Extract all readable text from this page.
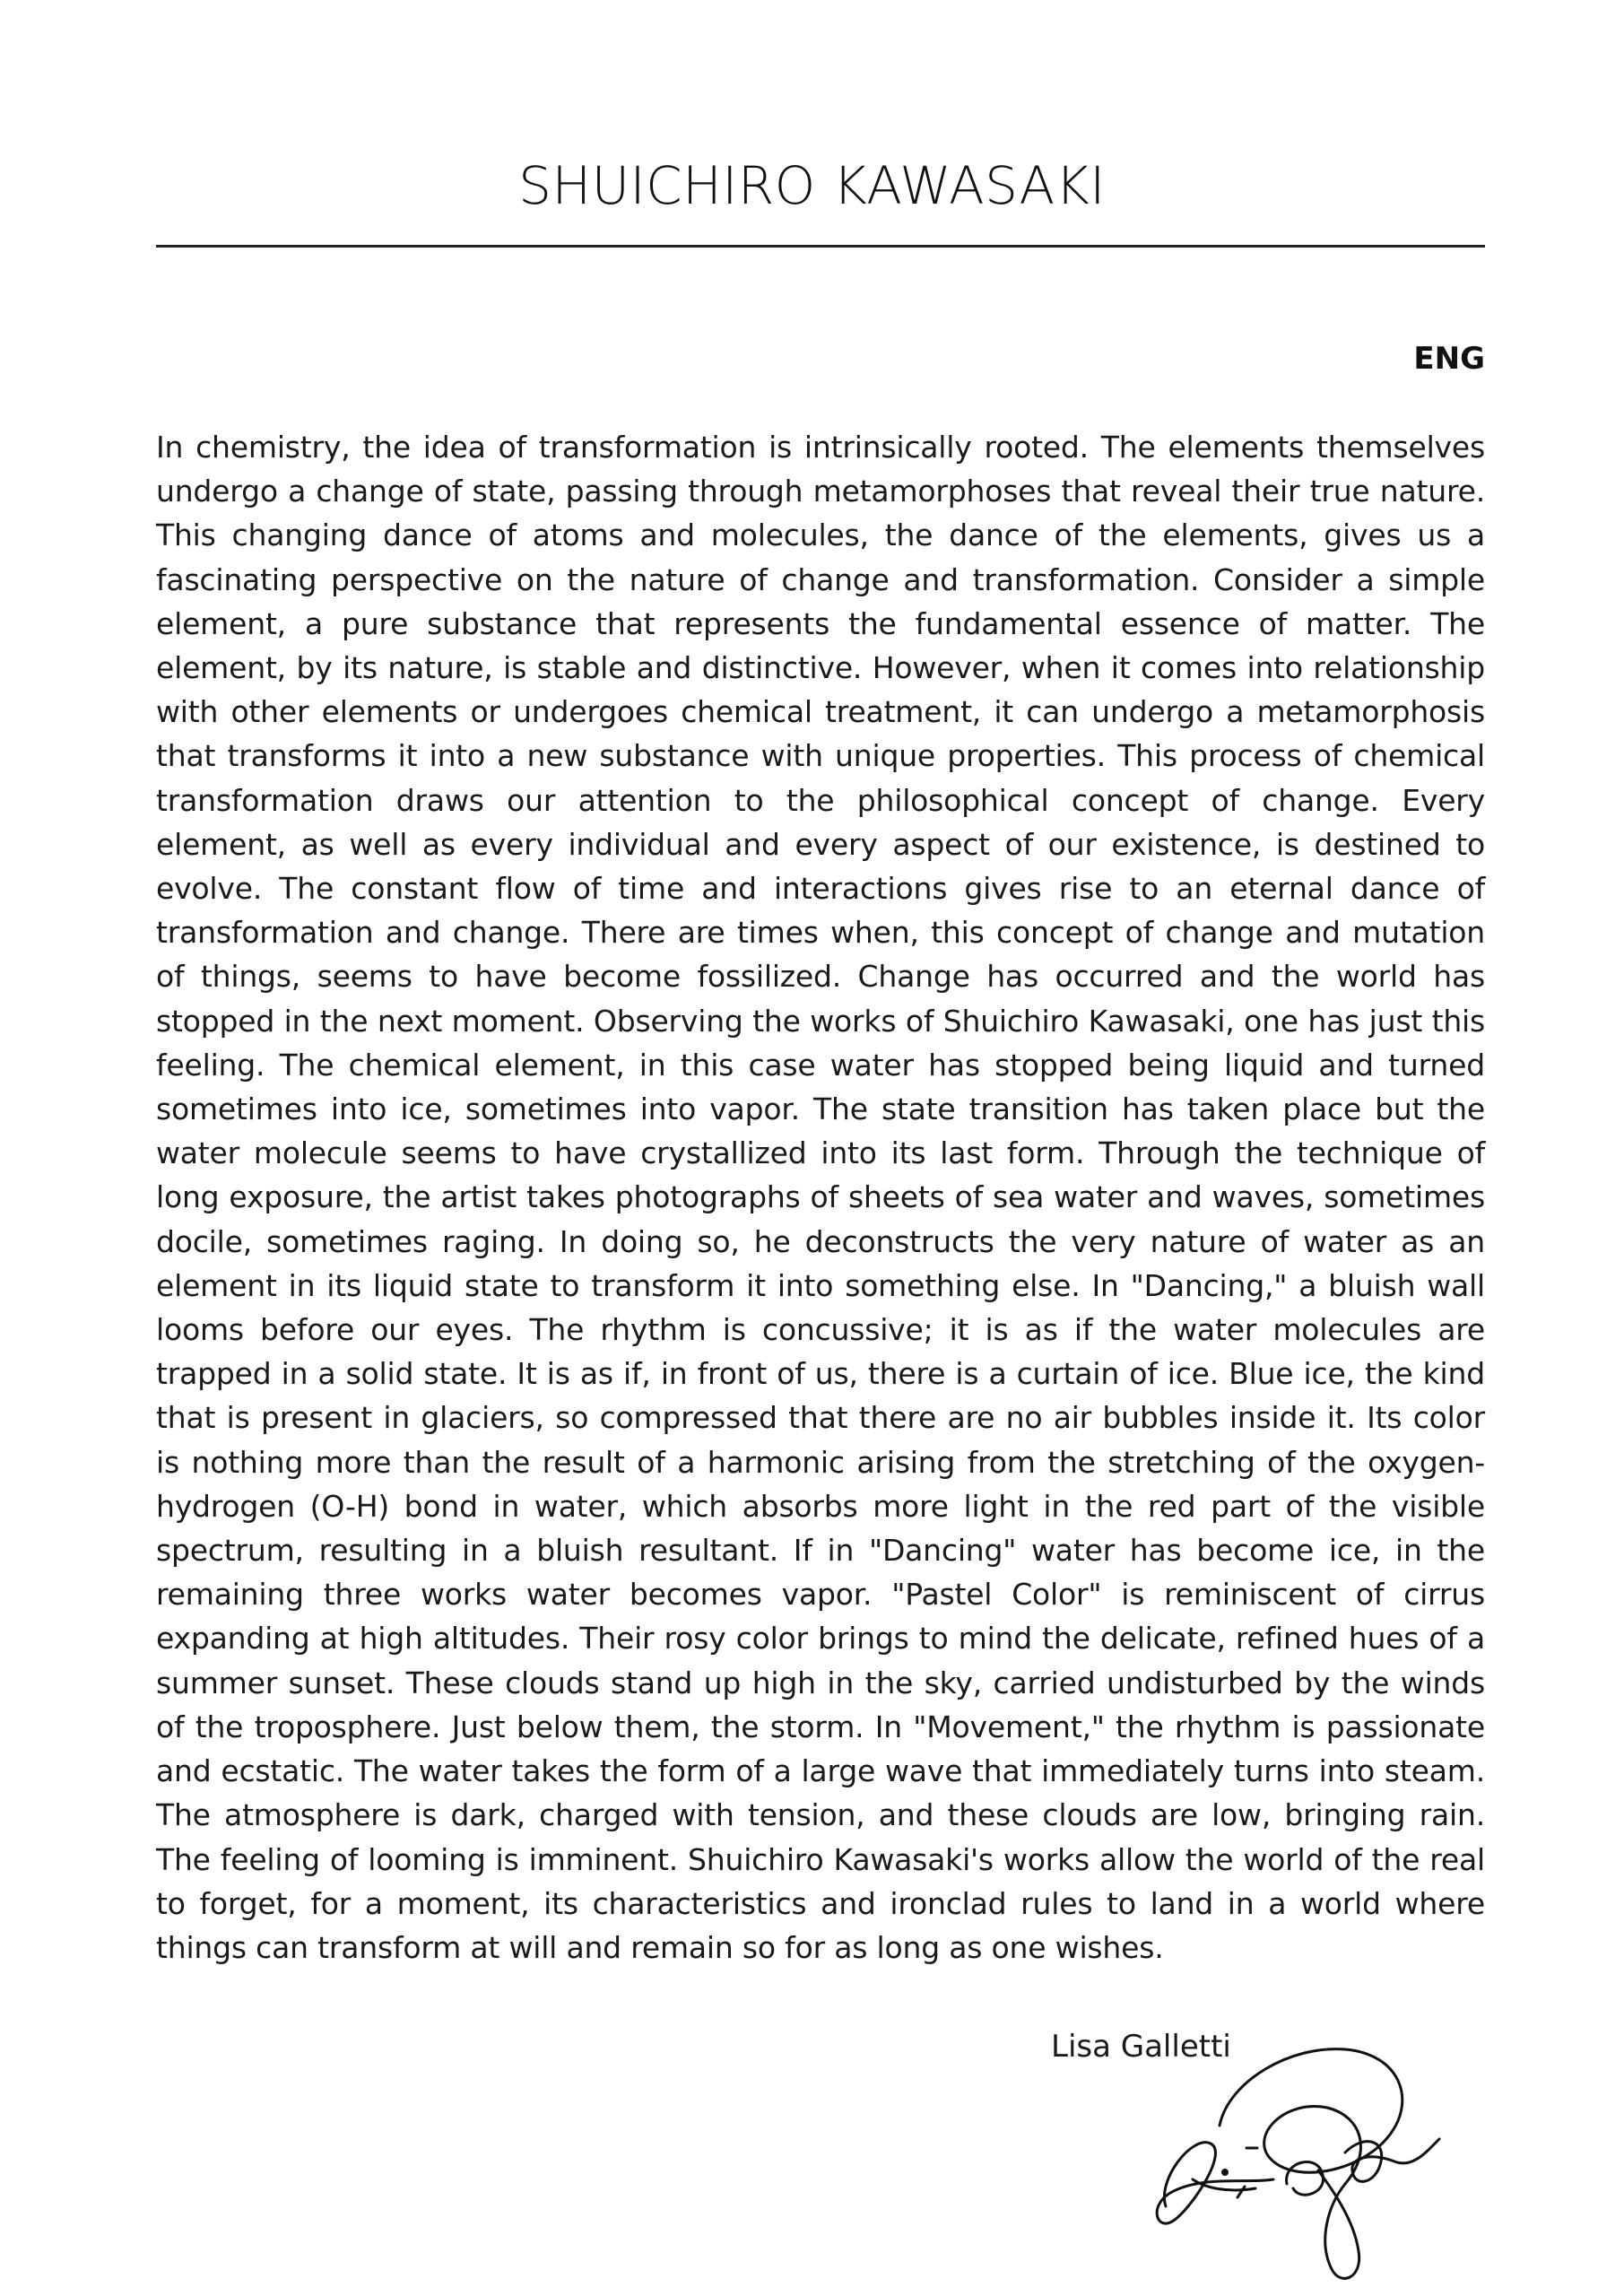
SHUICHIRO KAWASAKI
ENG

In chemistry, the idea of transformation is intrinsically rooted. The elements themselves undergo a change of state, passing through metamorphoses that reveal their true nature. This changing dance of atoms and molecules, the dance of the elements, gives us a fascinating perspective on the nature of change and transformation. Consider a simple element, a pure substance that represents the fundamental essence of matter. The element, by its nature, is stable and distinctive. However, when it comes into relationship with other elements or undergoes chemical treatment, it can undergo a metamorphosis that transforms it into a new substance with unique properties. This process of chemical transformation draws our attention to the philosophical concept of change. Every element, as well as every individual and every aspect of our existence, is destined to evolve. The constant flow of time and interactions gives rise to an eternal dance of transformation and change. There are times when, this concept of change and mutation of things, seems to have become fossilized. Change has occurred and the world has stopped in the next moment. Observing the works of Shuichiro Kawasaki, one has just this feeling. The chemical element, in this case water has stopped being liquid and turned sometimes into ice, sometimes into vapor. The state transition has taken place but the water molecule seems to have crystallized into its last form. Through the technique of long exposure, the artist takes photographs of sheets of sea water and waves, sometimes docile, sometimes raging. In doing so, he deconstructs the very nature of water as an element in its liquid state to transform it into something else. In "Dancing," a bluish wall looms before our eyes. The rhythm is concussive; it is as if the water molecules are trapped in a solid state. It is as if, in front of us, there is a curtain of ice. Blue ice, the kind that is present in glaciers, so compressed that there are no air bubbles inside it. Its color is nothing more than the result of a harmonic arising from the stretching of the oxygen-hydrogen (O-H) bond in water, which absorbs more light in the red part of the visible spectrum, resulting in a bluish resultant. If in "Dancing" water has become ice, in the remaining three works water becomes vapor. "Pastel Color" is reminiscent of cirrus expanding at high altitudes. Their rosy color brings to mind the delicate, refined hues of a summer sunset. These clouds stand up high in the sky, carried undisturbed by the winds of the troposphere. Just below them, the storm. In "Movement," the rhythm is passionate and ecstatic. The water takes the form of a large wave that immediately turns into steam. The atmosphere is dark, charged with tension, and these clouds are low, bringing rain. The feeling of looming is imminent. Shuichiro Kawasaki's works allow the world of the real to forget, for a moment, its characteristics and ironclad rules to land in a world where things can transform at will and remain so for as long as one wishes.

Lisa Galletti
